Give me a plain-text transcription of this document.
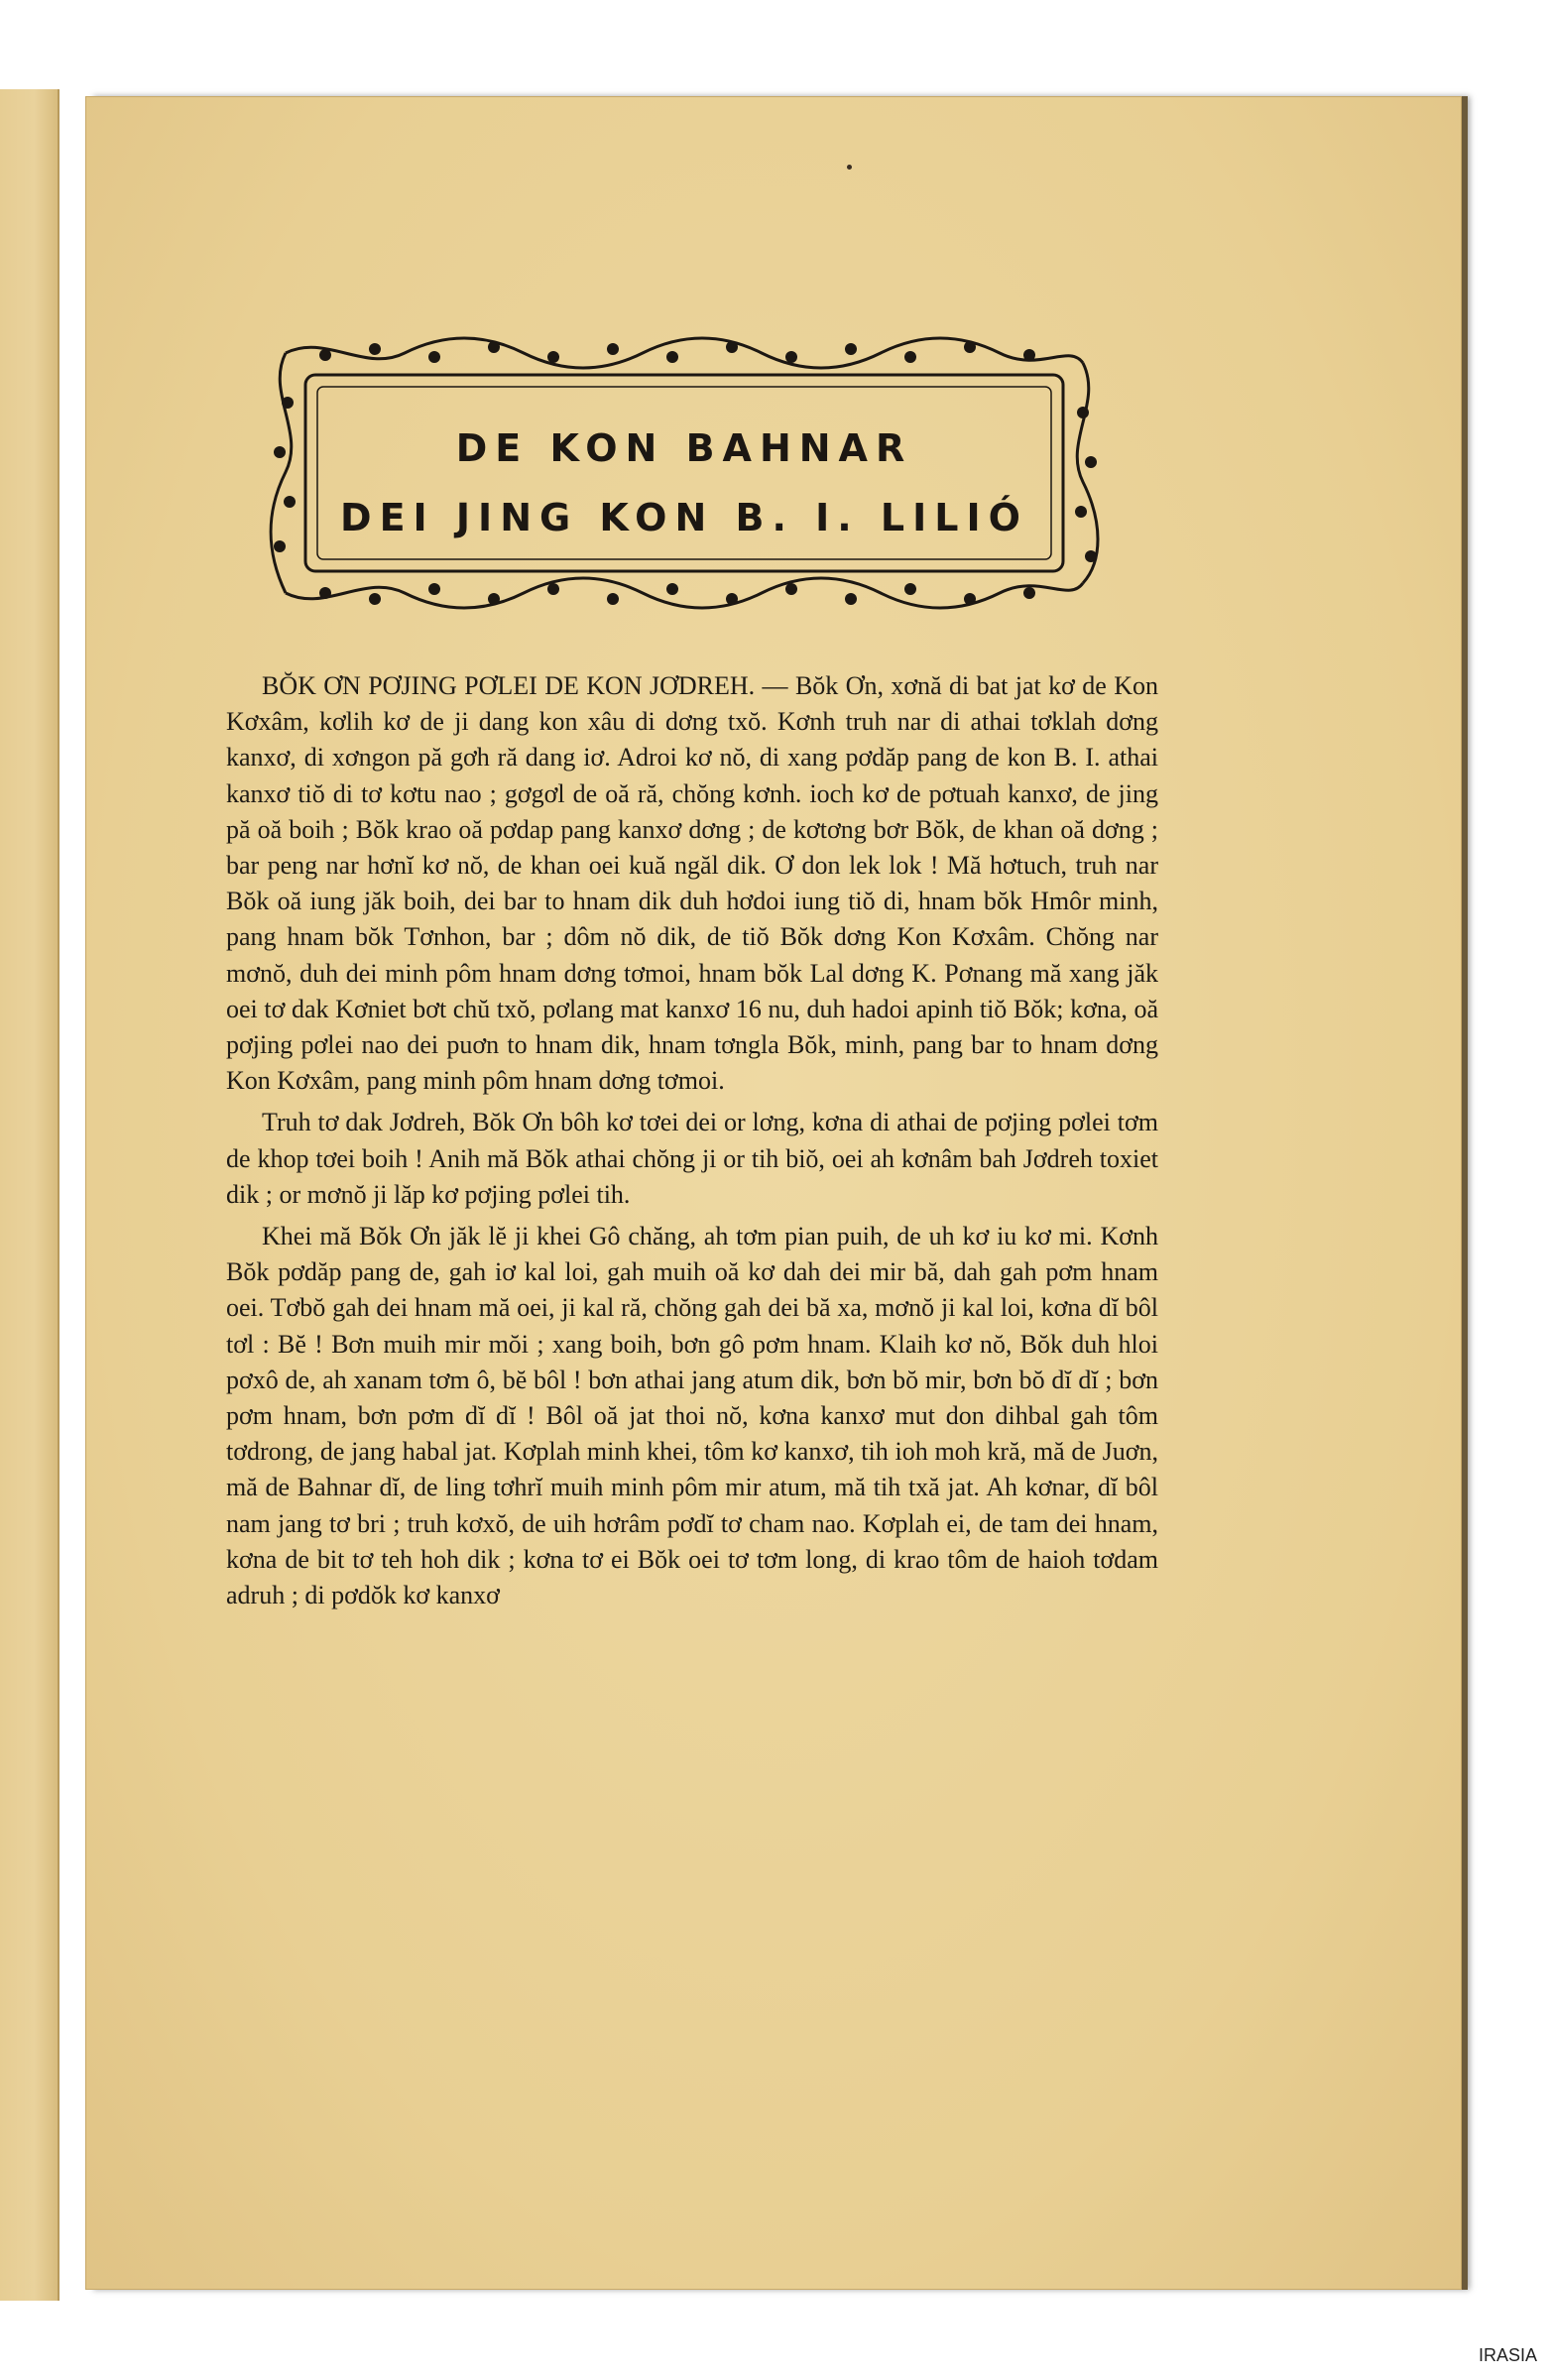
DE KON BAHNAR
DEI JING KON B. I. LILIÓ

BŎK ƠN PƠJING PƠLEI DE KON JƠDREH. — Bŏk Ơn, xơnă di bat jat kơ de Kon Kơxâm, kơlih kơ de ji dang kon xâu di dơng txŏ. Kơnh truh nar di athai tơklah dơng kanxơ, di xơngon pă gơh ră dang iơ. Adroi kơ nŏ, di xang pơdăp pang de kon B. I. athai kanxơ tiŏ di tơ kơtu nao ; gơgơl de oă ră, chŏng kơnh. ioch kơ de pơtuah kanxơ, de jing pă oă boih ; Bŏk krao oă pơdap pang kanxơ dơng ; de kơtơng bơr Bŏk, de khan oă dơng ; bar peng nar hơnĭ kơ nŏ, de khan oei kuă ngăl dik. Ơ don lek lok ! Mă hơtuch, truh nar Bŏk oă iung jăk boih, dei bar to hnam dik duh hơdoi iung tiŏ di, hnam bŏk Hmôr minh, pang hnam bŏk Tơnhon, bar ; dôm nŏ dik, de tiŏ Bŏk dơng Kon Kơxâm. Chŏng nar mơnŏ, duh dei minh pôm hnam dơng tơmoi, hnam bŏk Lal dơng K. Pơnang mă xang jăk oei tơ dak Kơniet bơt chŭ txŏ, pơlang mat kanxơ 16 nu, duh hadoi apinh tiŏ Bŏk; kơna, oă pơjing pơlei nao dei puơn to hnam dik, hnam tơngla Bŏk, minh, pang bar to hnam dơng Kon Kơxâm, pang minh pôm hnam dơng tơmoi.

Truh tơ dak Jơdreh, Bŏk Ơn bôh kơ tơei dei or lơng, kơna di athai de pơjing pơlei tơm de khop tơei boih ! Anih mă Bŏk athai chŏng ji or tih biŏ, oei ah kơnâm bah Jơdreh toxiet dik ; or mơnŏ ji lăp kơ pơjing pơlei tih.

Khei mă Bŏk Ơn jăk lĕ ji khei Gô chăng, ah tơm pian puih, de uh kơ iu kơ mi. Kơnh Bŏk pơdăp pang de, gah iơ kal loi, gah muih oă kơ dah dei mir bă, dah gah pơm hnam oei. Tơbŏ gah dei hnam mă oei, ji kal ră, chŏng gah dei bă xa, mơnŏ ji kal loi, kơna dĭ bôl tơl : Bĕ ! Bơn muih mir mŏi ; xang boih, bơn gô pơm hnam. Klaih kơ nŏ, Bŏk duh hloi pơxô de, ah xanam tơm ô, bĕ bôl ! bơn athai jang atum dik, bơn bŏ mir, bơn bŏ dĭ dĭ ; bơn pơm hnam, bơn pơm dĭ dĭ ! Bôl oă jat thoi nŏ, kơna kanxơ mut don dihbal gah tôm tơdrong, de jang habal jat. Kơplah minh khei, tôm kơ kanxơ, tih ioh moh kră, mă de Juơn, mă de Bahnar dĭ, de ling tơhrĭ muih minh pôm mir atum, mă tih txă jat. Ah kơnar, dĭ bôl nam jang tơ bri ; truh kơxŏ, de uih hơrâm pơdĭ tơ cham nao. Kơplah ei, de tam dei hnam, kơna de bit tơ teh hoh dik ; kơna tơ ei Bŏk oei tơ tơm long, di krao tôm de haioh tơdam adruh ; di pơdŏk kơ kanxơ

IRASIA
